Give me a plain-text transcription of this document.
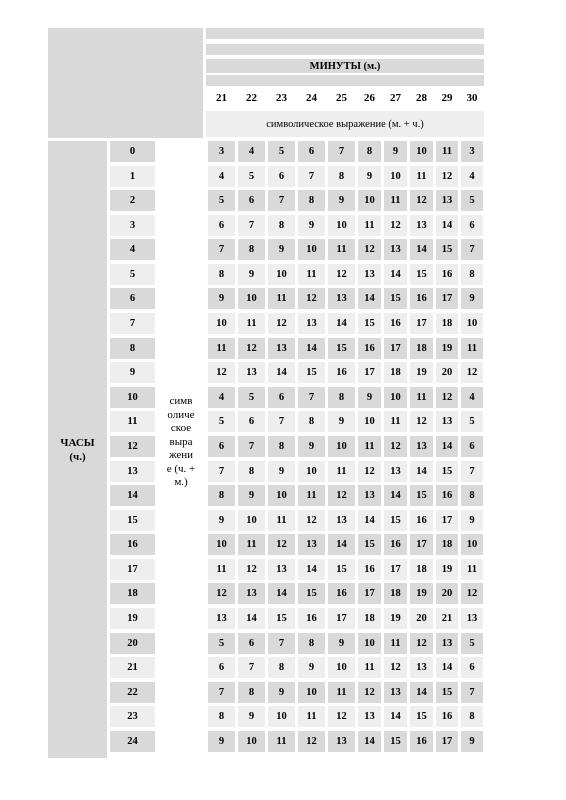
МИНУТЫ (м.)
21	22	23	24	25	26	27	28	29	30
символическое выражение (м. + ч.)
ЧАСЫ
(ч.)
симв оличе ское выра жени е (ч. + м.)
0	3	4	5	6	7	8	9	10	11	3
1	4	5	6	7	8	9	10	11	12	4
2	5	6	7	8	9	10	11	12	13	5
3	6	7	8	9	10	11	12	13	14	6
4	7	8	9	10	11	12	13	14	15	7
5	8	9	10	11	12	13	14	15	16	8
6	9	10	11	12	13	14	15	16	17	9
7	10	11	12	13	14	15	16	17	18	10
8	11	12	13	14	15	16	17	18	19	11
9	12	13	14	15	16	17	18	19	20	12
10	4	5	6	7	8	9	10	11	12	4
11	5	6	7	8	9	10	11	12	13	5
12	6	7	8	9	10	11	12	13	14	6
13	7	8	9	10	11	12	13	14	15	7
14	8	9	10	11	12	13	14	15	16	8
15	9	10	11	12	13	14	15	16	17	9
16	10	11	12	13	14	15	16	17	18	10
17	11	12	13	14	15	16	17	18	19	11
18	12	13	14	15	16	17	18	19	20	12
19	13	14	15	16	17	18	19	20	21	13
20	5	6	7	8	9	10	11	12	13	5
21	6	7	8	9	10	11	12	13	14	6
22	7	8	9	10	11	12	13	14	15	7
23	8	9	10	11	12	13	14	15	16	8
24	9	10	11	12	13	14	15	16	17	9
